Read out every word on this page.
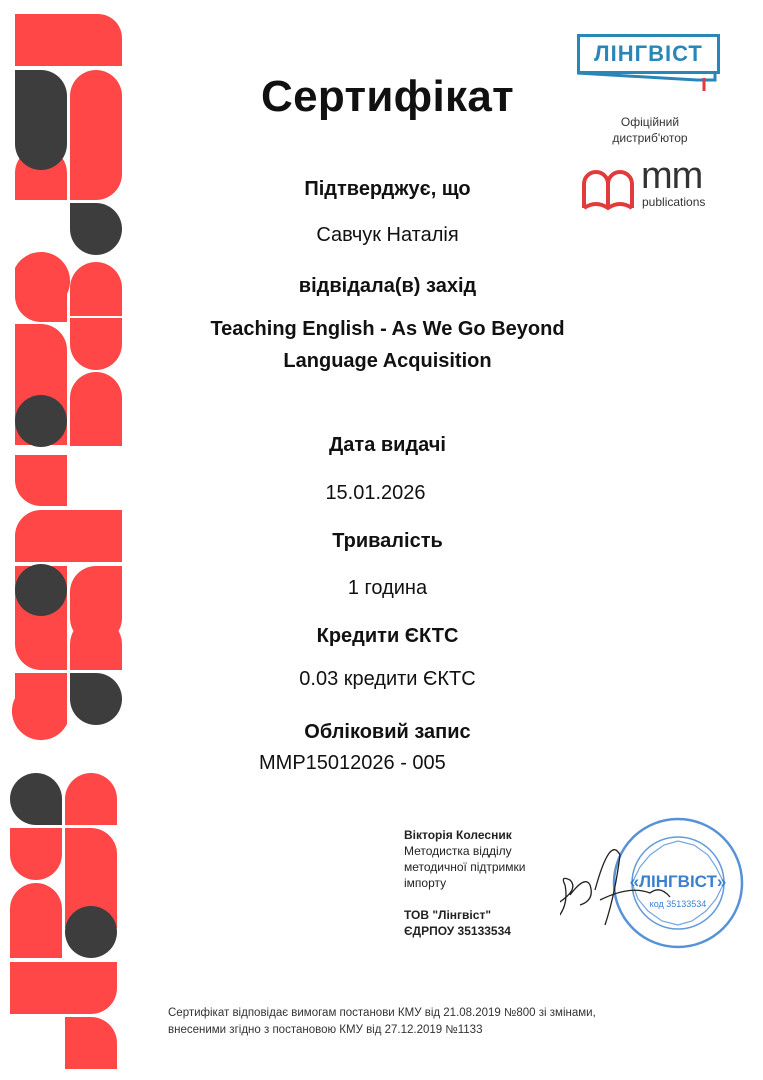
ЛІНГВІСТ
Офіційний
дистриб'ютор
mm
publications
Сертифікат
Підтверджує, що
Савчук Наталія
відвідала(в) захід
Teaching English - As We Go Beyond
Language Acquisition
Дата видачі
15.01.2026
Тривалість
1 година
Кредити ЄКТС
0.03 кредити ЄКТС
Обліковий запис
MMP15012026 - 005
Вікторія Колесник
Методистка відділу
методичної підтримки
імпорту
ТОВ "Лінгвіст"
ЄДРПОУ 35133534
«ЛІНГВІСТ»
код 35133534
Сертифікат відповідає вимогам постанови КМУ від 21.08.2019 №800 зі змінами,
внесеними згідно з постановою КМУ від 27.12.2019 №1133
